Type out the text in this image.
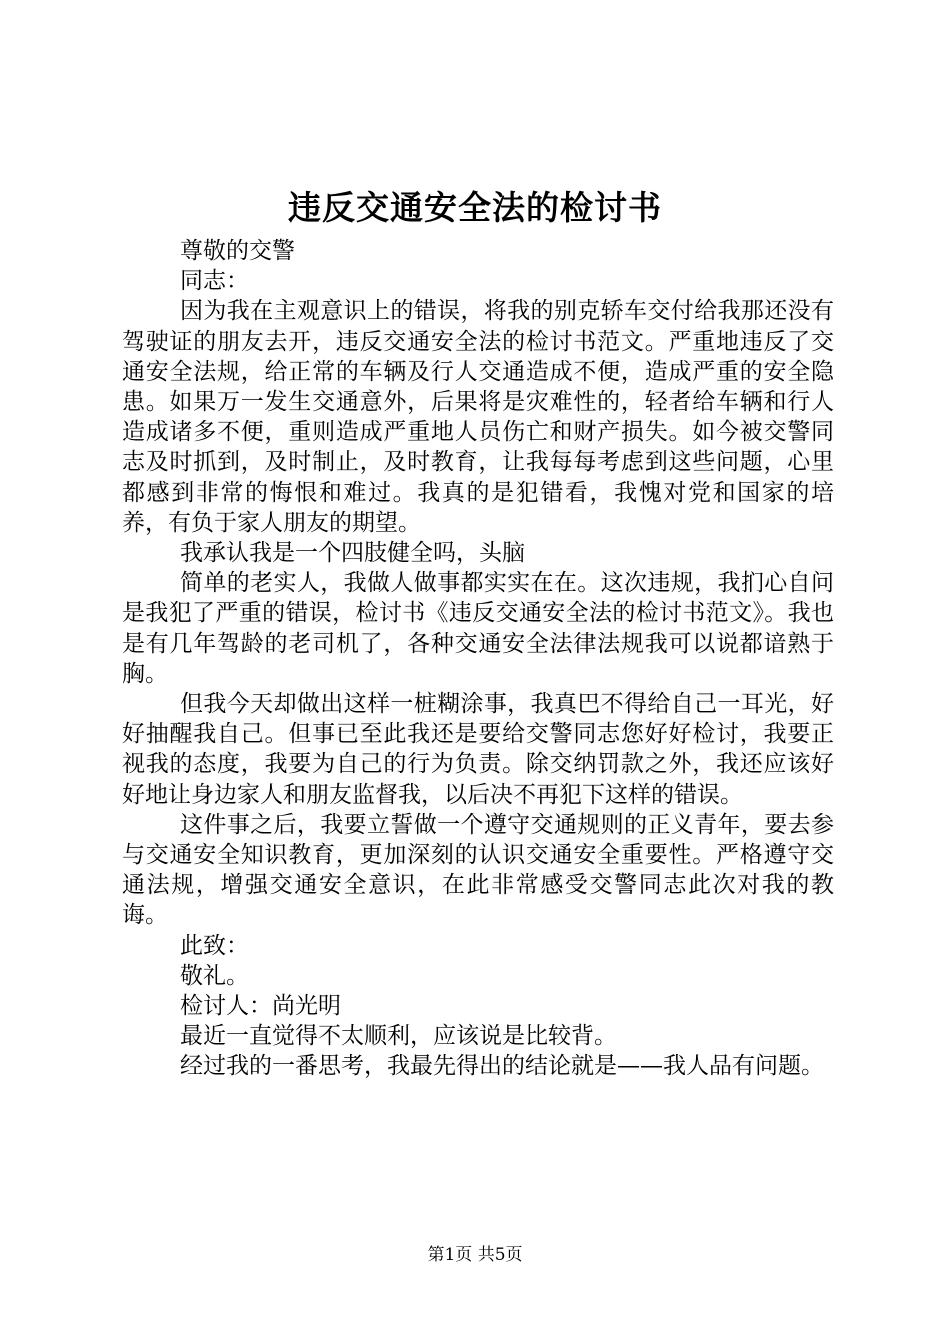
违反交通安全法的检讨书

尊敬的交警

同志：

因为我在主观意识上的错误，将我的别克轿车交付给我那还没有驾驶证的朋友去开，违反交通安全法的检讨书范文。严重地违反了交通安全法规，给正常的车辆及行人交通造成不便，造成严重的安全隐患。如果万一发生交通意外，后果将是灾难性的，轻者给车辆和行人造成诸多不便，重则造成严重地人员伤亡和财产损失。如今被交警同志及时抓到，及时制止，及时教育，让我每每考虑到这些问题，心里都感到非常的悔恨和难过。我真的是犯错看，我愧对党和国家的培养，有负于家人朋友的期望。

我承认我是一个四肢健全吗，头脑

简单的老实人，我做人做事都实实在在。这次违规，我扪心自问是我犯了严重的错误，检讨书《违反交通安全法的检讨书范文》。我也是有几年驾龄的老司机了，各种交通安全法律法规我可以说都谙熟于胸。

但我今天却做出这样一桩糊涂事，我真巴不得给自己一耳光，好好抽醒我自己。但事已至此我还是要给交警同志您好好检讨，我要正视我的态度，我要为自己的行为负责。除交纳罚款之外，我还应该好好地让身边家人和朋友监督我，以后决不再犯下这样的错误。

这件事之后，我要立誓做一个遵守交通规则的正义青年，要去参与交通安全知识教育，更加深刻的认识交通安全重要性。严格遵守交通法规，增强交通安全意识，在此非常感受交警同志此次对我的教诲。

此致：

敬礼。

检讨人：尚光明

最近一直觉得不太顺利，应该说是比较背。

经过我的一番思考，我最先得出的结论就是——我人品有问题。

第1页 共5页
